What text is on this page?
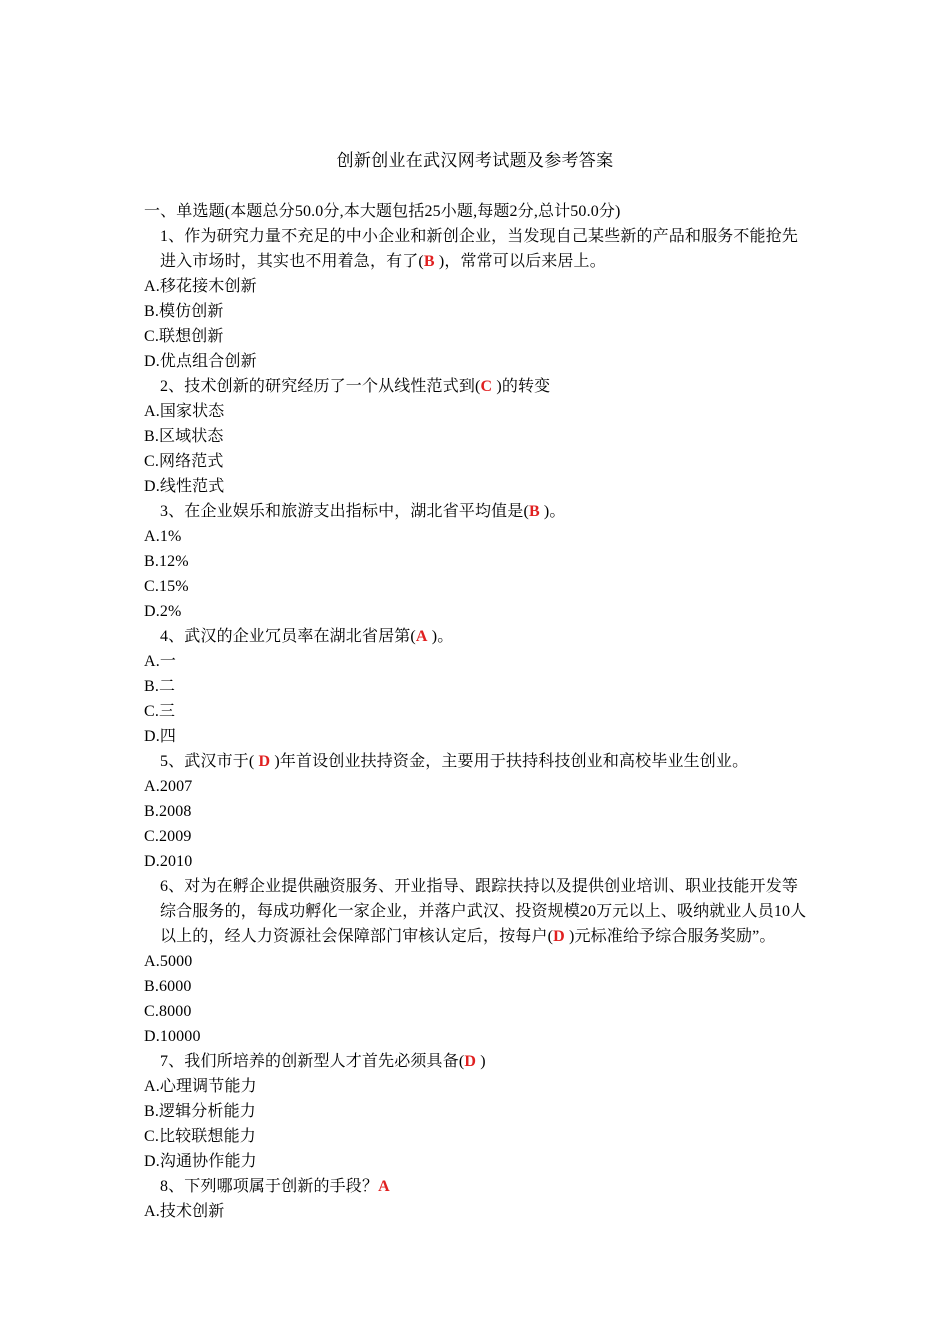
创新创业在武汉网考试题及参考答案
一、单选题(本题总分50.0分,本大题包括25小题,每题2分,总计50.0分)
1、作为研究力量不充足的中小企业和新创企业，当发现自己某些新的产品和服务不能抢先进入市场时，其实也不用着急，有了(B )，常常可以后来居上。
A.移花接木创新
B.模仿创新
C.联想创新
D.优点组合创新
2、技术创新的研究经历了一个从线性范式到(C )的转变
A.国家状态
B.区域状态
C.网络范式
D.线性范式
3、在企业娱乐和旅游支出指标中，湖北省平均值是(B )。
A.1%
B.12%
C.15%
D.2%
4、武汉的企业冗员率在湖北省居第(A )。
A.一
B.二
C.三
D.四
5、武汉市于( D )年首设创业扶持资金，主要用于扶持科技创业和高校毕业生创业。
A.2007
B.2008
C.2009
D.2010
6、对为在孵企业提供融资服务、开业指导、跟踪扶持以及提供创业培训、职业技能开发等综合服务的，每成功孵化一家企业，并落户武汉、投资规模20万元以上、吸纳就业人员10人以上的，经人力资源社会保障部门审核认定后，按每户(D )元标准给予综合服务奖励”。
A.5000
B.6000
C.8000
D.10000
7、我们所培养的创新型人才首先必须具备(D )
A.心理调节能力
B.逻辑分析能力
C.比较联想能力
D.沟通协作能力
8、下列哪项属于创新的手段？A
A.技术创新
